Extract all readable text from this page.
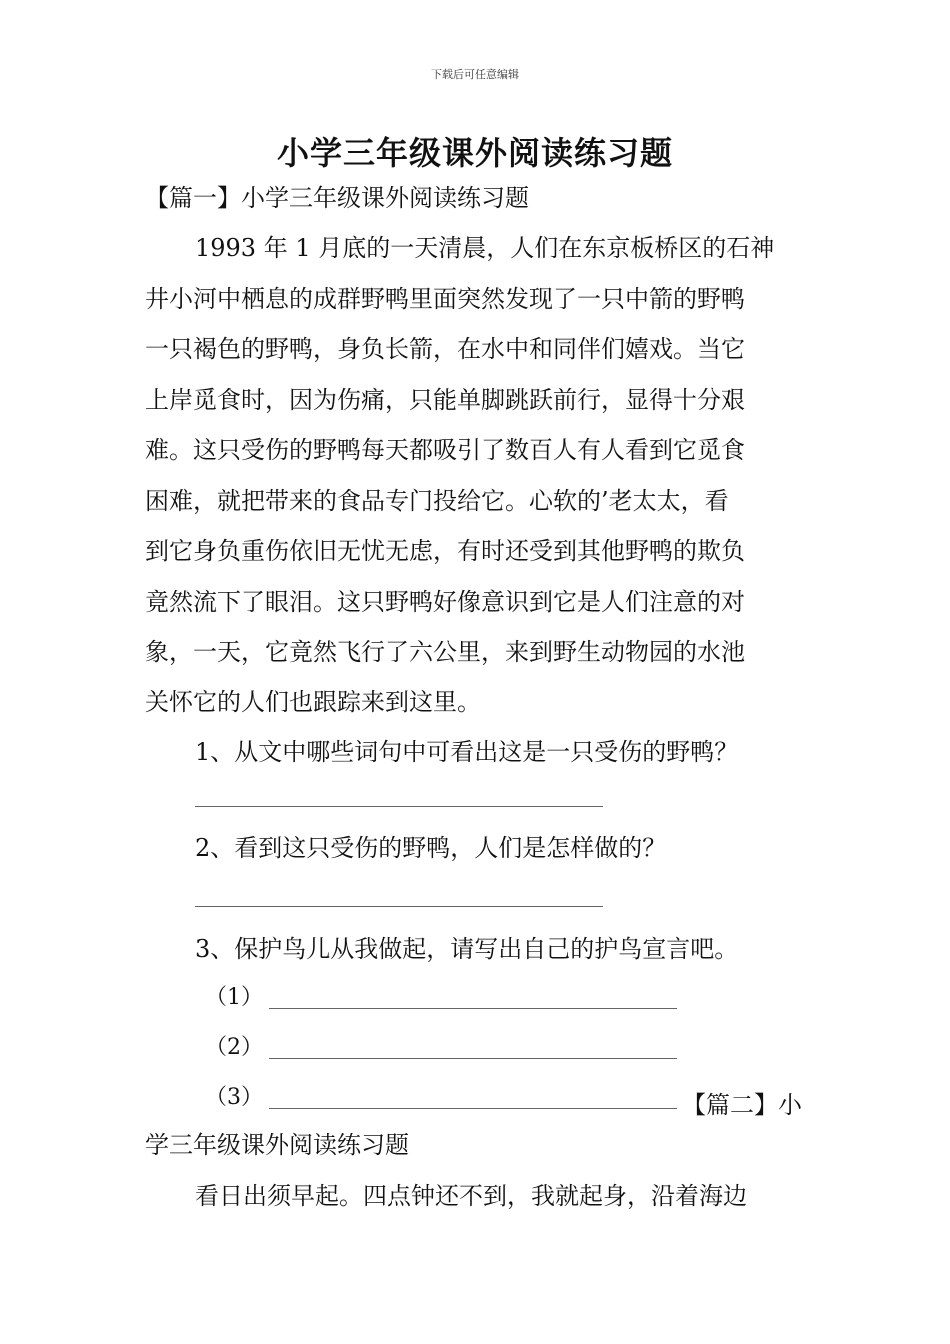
下载后可任意编辑
小学三年级课外阅读练习题
【篇一】小学三年级课外阅读练习题
1993 年 1 月底的一天清晨，人们在东京板桥区的石神
井小河中栖息的成群野鸭里面突然发现了一只中箭的野鸭
一只褐色的野鸭，身负长箭，在水中和同伴们嬉戏。当它
上岸觅食时，因为伤痛，只能单脚跳跃前行，显得十分艰
难。这只受伤的野鸭每天都吸引了数百人有人看到它觅食
困难，就把带来的食品专门投给它。心软的’老太太，看
到它身负重伤依旧无忧无虑，有时还受到其他野鸭的欺负
竟然流下了眼泪。这只野鸭好像意识到它是人们注意的对
象，一天，它竟然飞行了六公里，来到野生动物园的水池
关怀它的人们也跟踪来到这里。
1、从文中哪些词句中可看出这是一只受伤的野鸭？
2、看到这只受伤的野鸭，人们是怎样做的？
3、保护鸟儿从我做起，请写出自己的护鸟宣言吧。
（1）
（2）
（3）	【篇二】小
学三年级课外阅读练习题
看日出须早起。四点钟还不到，我就起身，沿着海边
